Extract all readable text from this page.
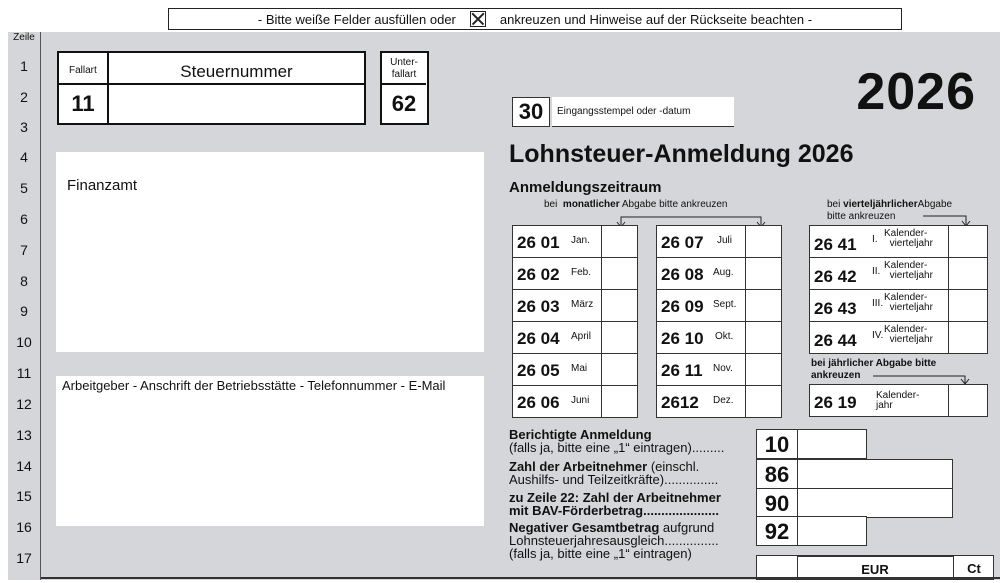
- Bitte weiße Felder ausfüllen oder	ankreuzen und Hinweise auf der Rückseite beachten -
Zeile
1
2
3
4
5
6
7
8
9
10
11
12
13
14
15
16
17
Fallart	Steuernummer
11
Unter-
fallart
62	2026
30	Eingangsstempel oder -datum
Finanzamt
Arbeitgeber - Anschrift der Betriebsstätte - Telefonnummer - E-Mail
Lohnsteuer-Anmeldung 2026
Anmeldungszeitraum
bei monatlicher Abgabe bitte ankreuzen	bei vierteljährlicherAbgabe
bitte ankreuzen
26 01 Jan.
26 02 Feb.
26 03 März
26 04 April
26 05 Mai
26 06 Juni
26 07 Juli
26 08 Aug.
26 09 Sept.
26 10 Okt.
26 11 Nov.
2612 Dez.
26 41 I.
Kalender-
vierteljahr
26 42 II.
Kalender-
vierteljahr
26 43 III.
Kalender-
vierteljahr
26 44 IV.
Kalender-
vierteljahr
bei jährlicher Abgabe bitte
ankreuzen
26 19 Kalender-
jahr
Berichtigte Anmeldung
(falls ja, bitte eine „1“ eintragen).........	10
Zahl der Arbeitnehmer (einschl.
Aushilfs- und Teilzeitkräfte)...............	86
zu Zeile 22: Zahl der Arbeitnehmer
mit BAV-Förderbetrag.....................	90
Negativer Gesamtbetrag aufgrund
Lohnsteuerjahresausgleich...............
(falls ja, bitte eine „1“ eintragen)
92
EUR	Ct
